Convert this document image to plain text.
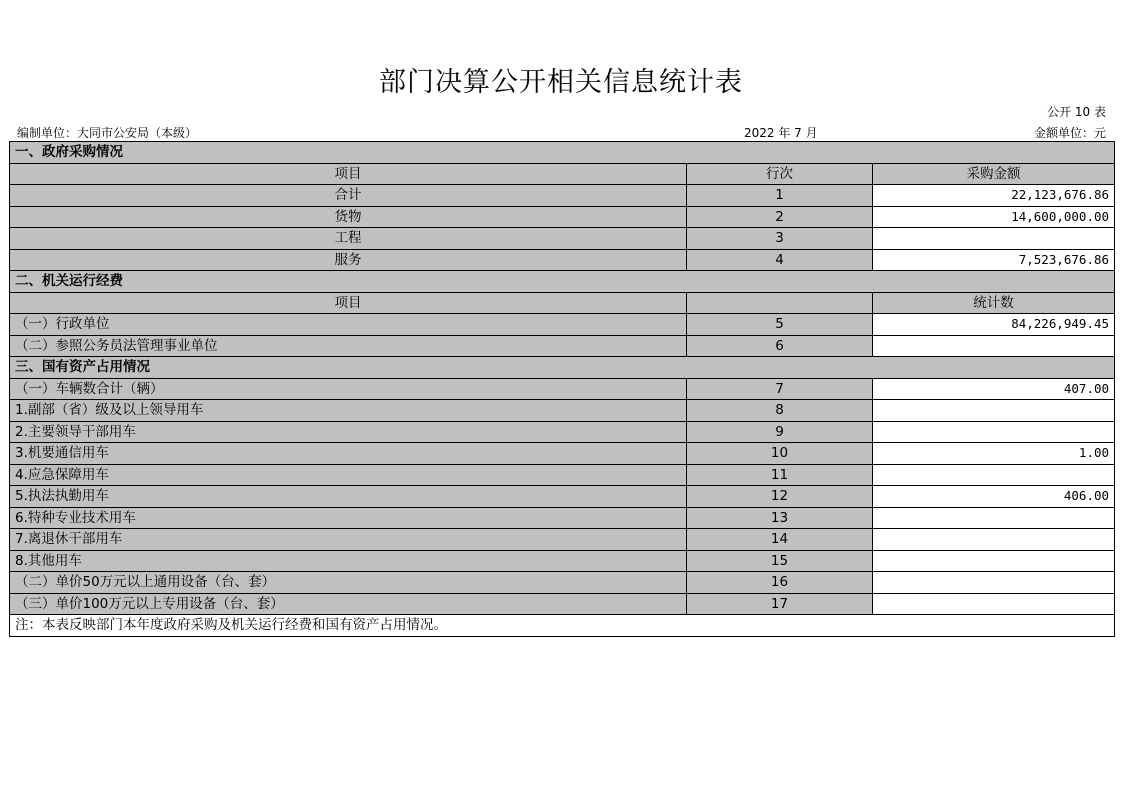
部门决算公开相关信息统计表
公开 10 表
编制单位：大同市公安局（本级）	2022 年 7 月	金额单位：元
一、政府采购情况		
项目	行次	采购金额
合计	1	22,123,676.86
货物	2	14,600,000.00
工程	3	
服务	4	7,523,676.86
二、机关运行经费		
项目		统计数
（一）行政单位	5	84,226,949.45
（二）参照公务员法管理事业单位	6	
三、国有资产占用情况		
（一）车辆数合计（辆）	7	407.00
1.副部（省）级及以上领导用车	8	
2.主要领导干部用车	9	
3.机要通信用车	10	1.00
4.应急保障用车	11	
5.执法执勤用车	12	406.00
6.特种专业技术用车	13	
7.离退休干部用车	14	
8.其他用车	15	
（二）单价50万元以上通用设备（台、套）	16	
（三）单价100万元以上专用设备（台、套）	17	
注：本表反映部门本年度政府采购及机关运行经费和国有资产占用情况。		
